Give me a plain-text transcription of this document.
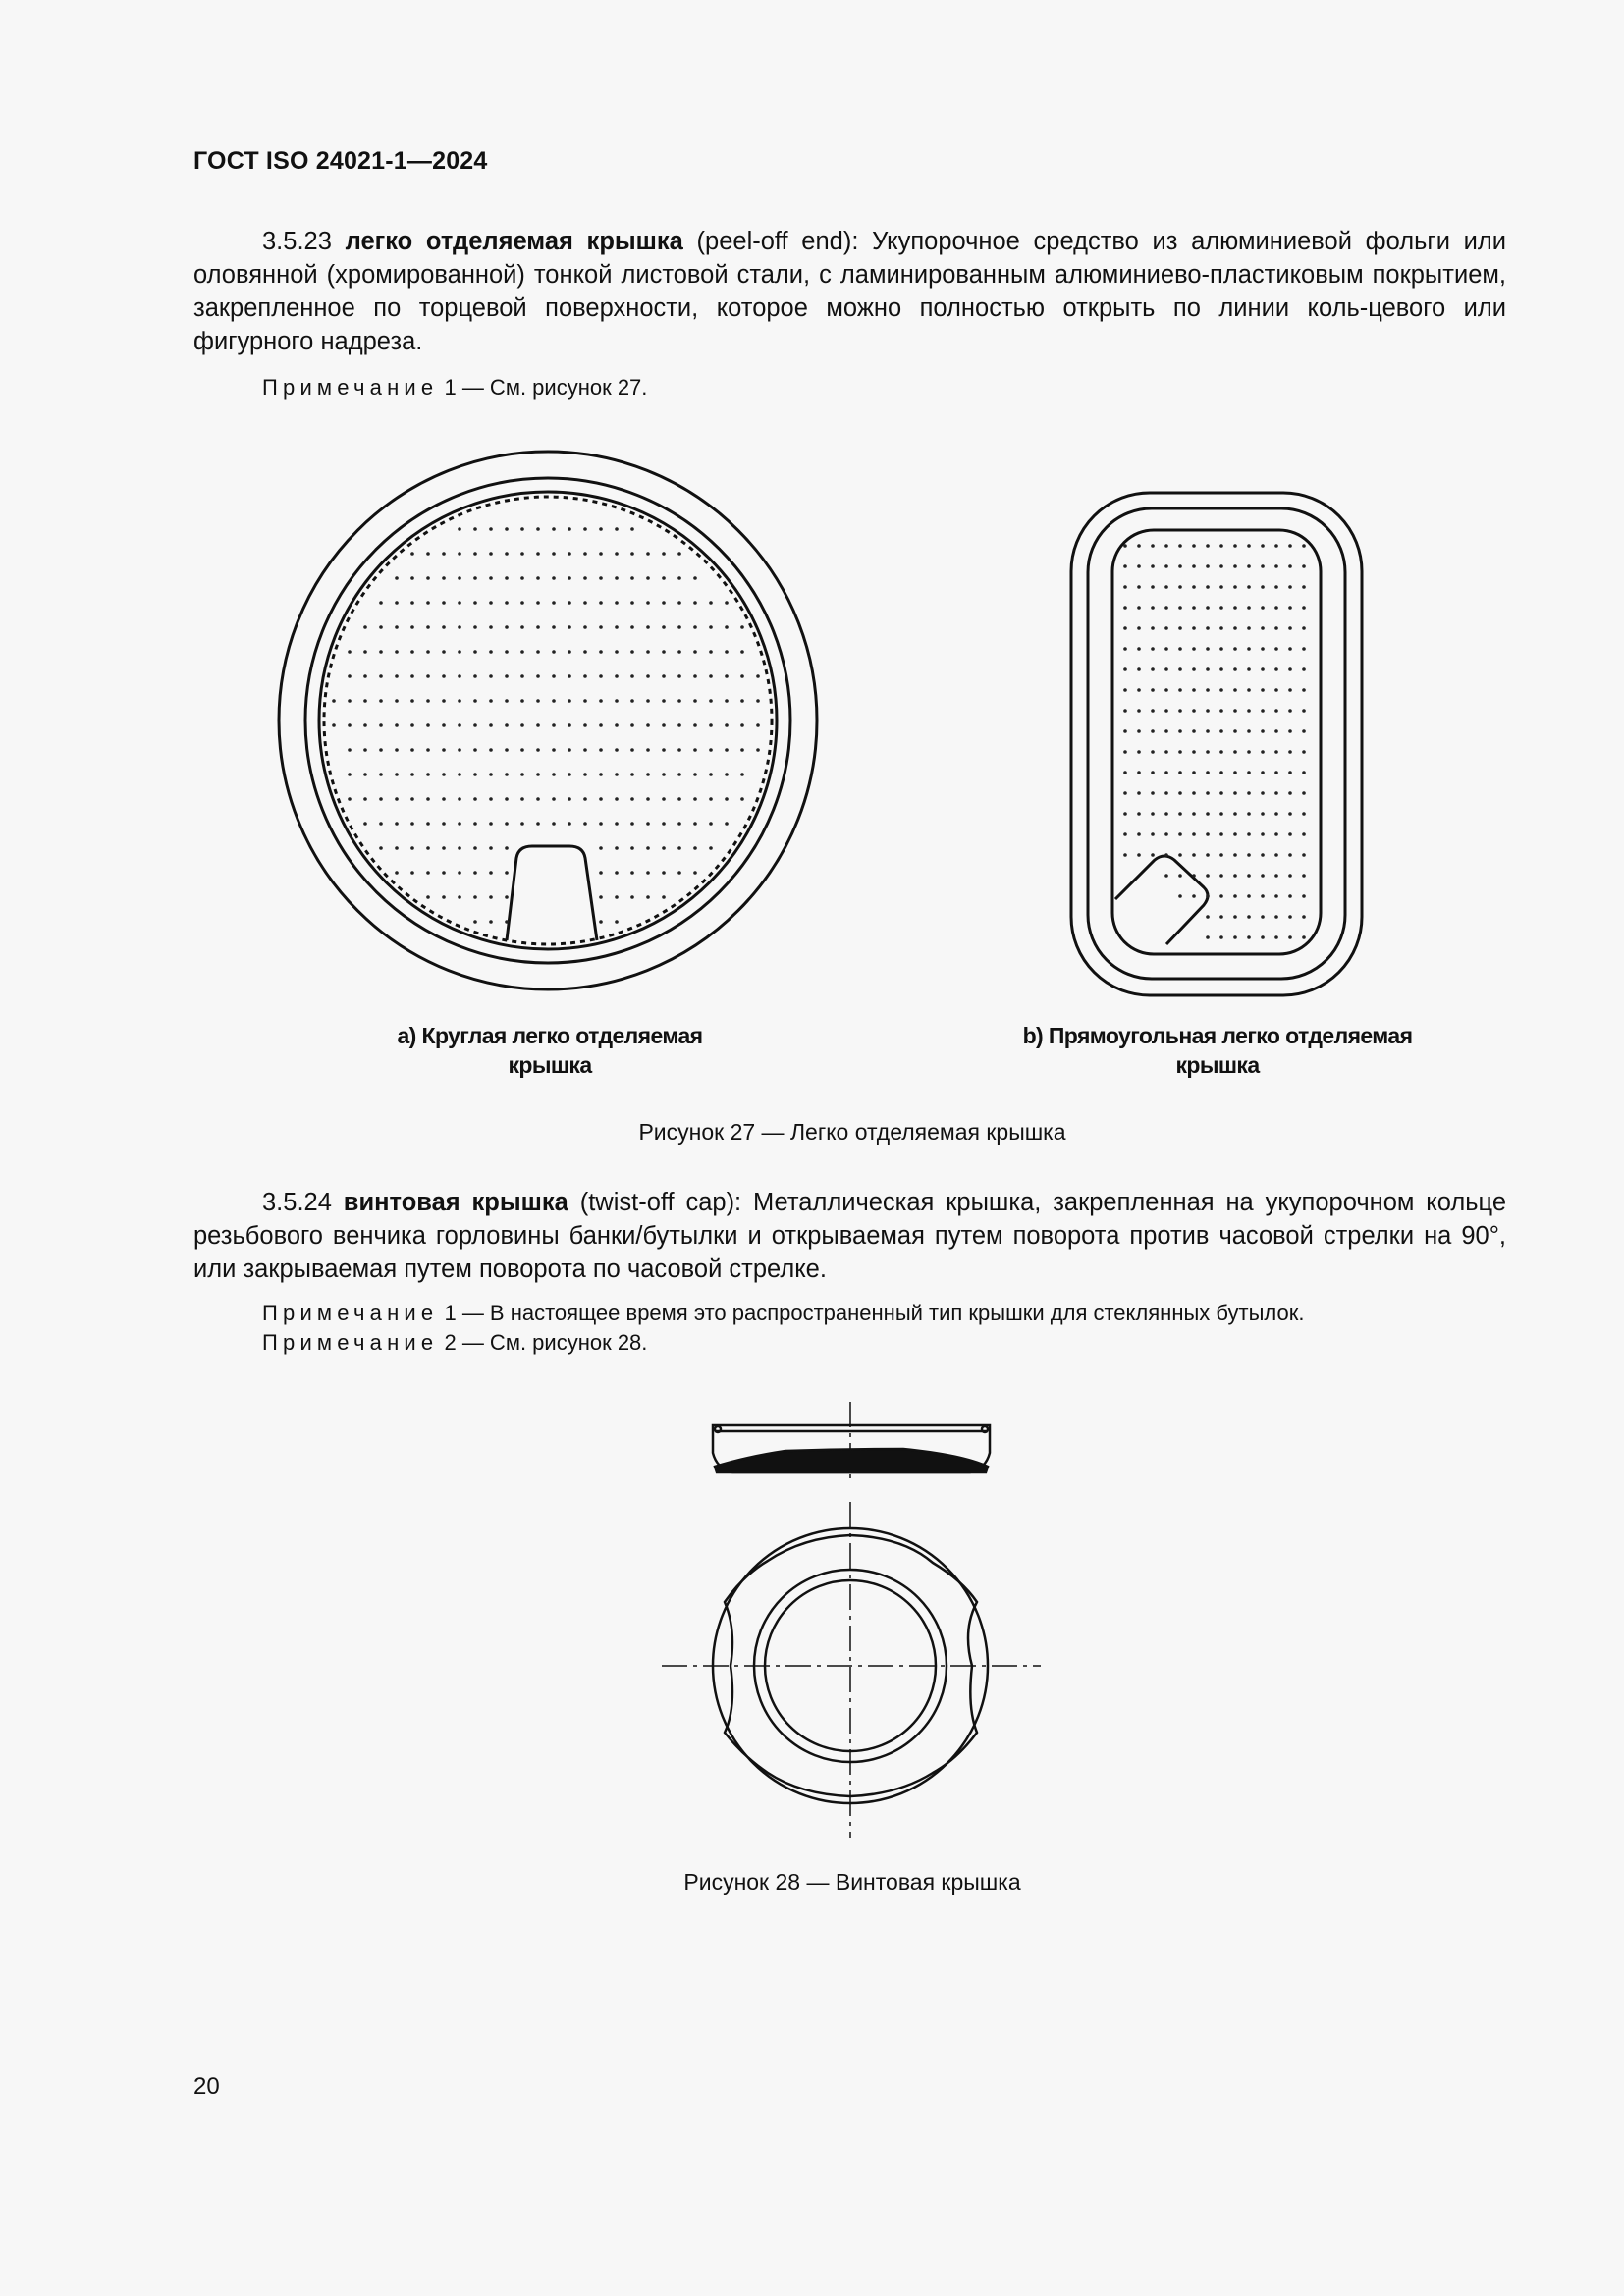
ГОСТ ISO 24021-1—2024
3.5.23 легко отделяемая крышка (peel-off end): Укупорочное средство из алюминиевой фольги или оловянной (хромированной) тонкой листовой стали, с ламинированным алюминиево-пластиковым покрытием, закрепленное по торцевой поверхности, которое можно полностью открыть по линии коль-цевого или фигурного надреза.
Примечание 1 — См. рисунок 27.
а) Круглая легко отделяемая
крышка
b) Прямоугольная легко отделяемая
крышка
Рисунок 27 — Легко отделяемая крышка
3.5.24 винтовая крышка (twist-off cap): Металлическая крышка, закрепленная на укупорочном кольце резьбового венчика горловины банки/бутылки и открываемая путем поворота против часовой стрелки на 90°, или закрываемая путем поворота по часовой стрелке.
Примечание 1 — В настоящее время это распространенный тип крышки для стеклянных бутылок.
Примечание 2 — См. рисунок 28.
Рисунок 28 — Винтовая крышка
20
